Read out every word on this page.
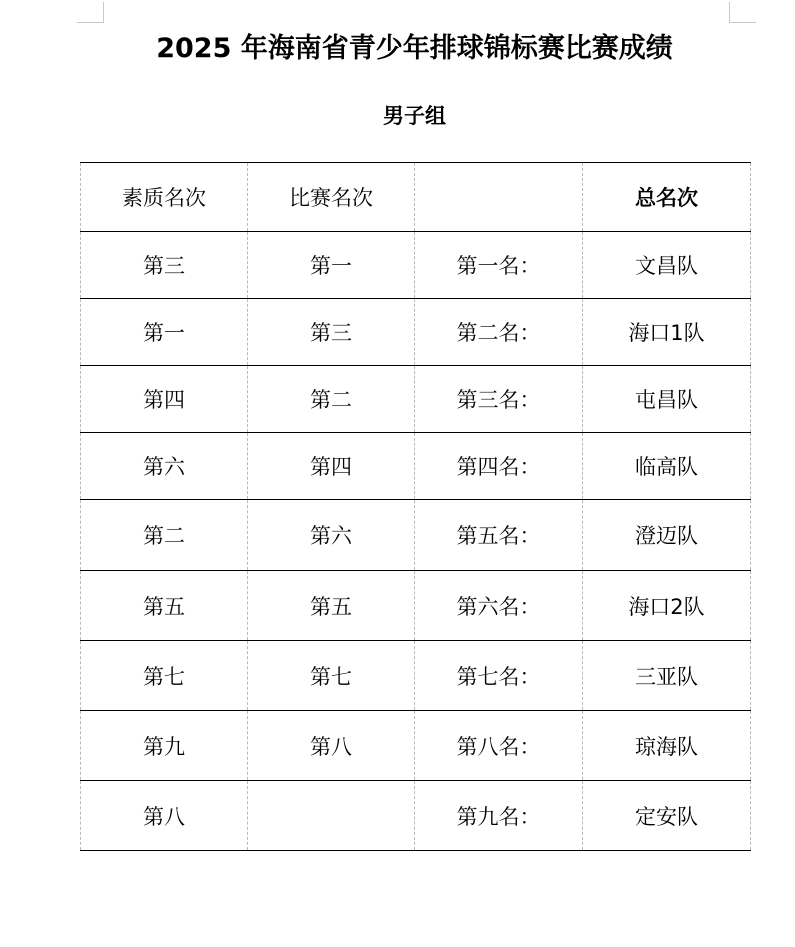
2025 年海南省青少年排球锦标赛比赛成绩
男子组
素质名次	比赛名次		总名次
第三	第一	第一名：	文昌队
第一	第三	第二名：	海口1队
第四	第二	第三名：	屯昌队
第六	第四	第四名：	临高队
第二	第六	第五名：	澄迈队
第五	第五	第六名：	海口2队
第七	第七	第七名：	三亚队
第九	第八	第八名：	琼海队
第八		第九名：	定安队
